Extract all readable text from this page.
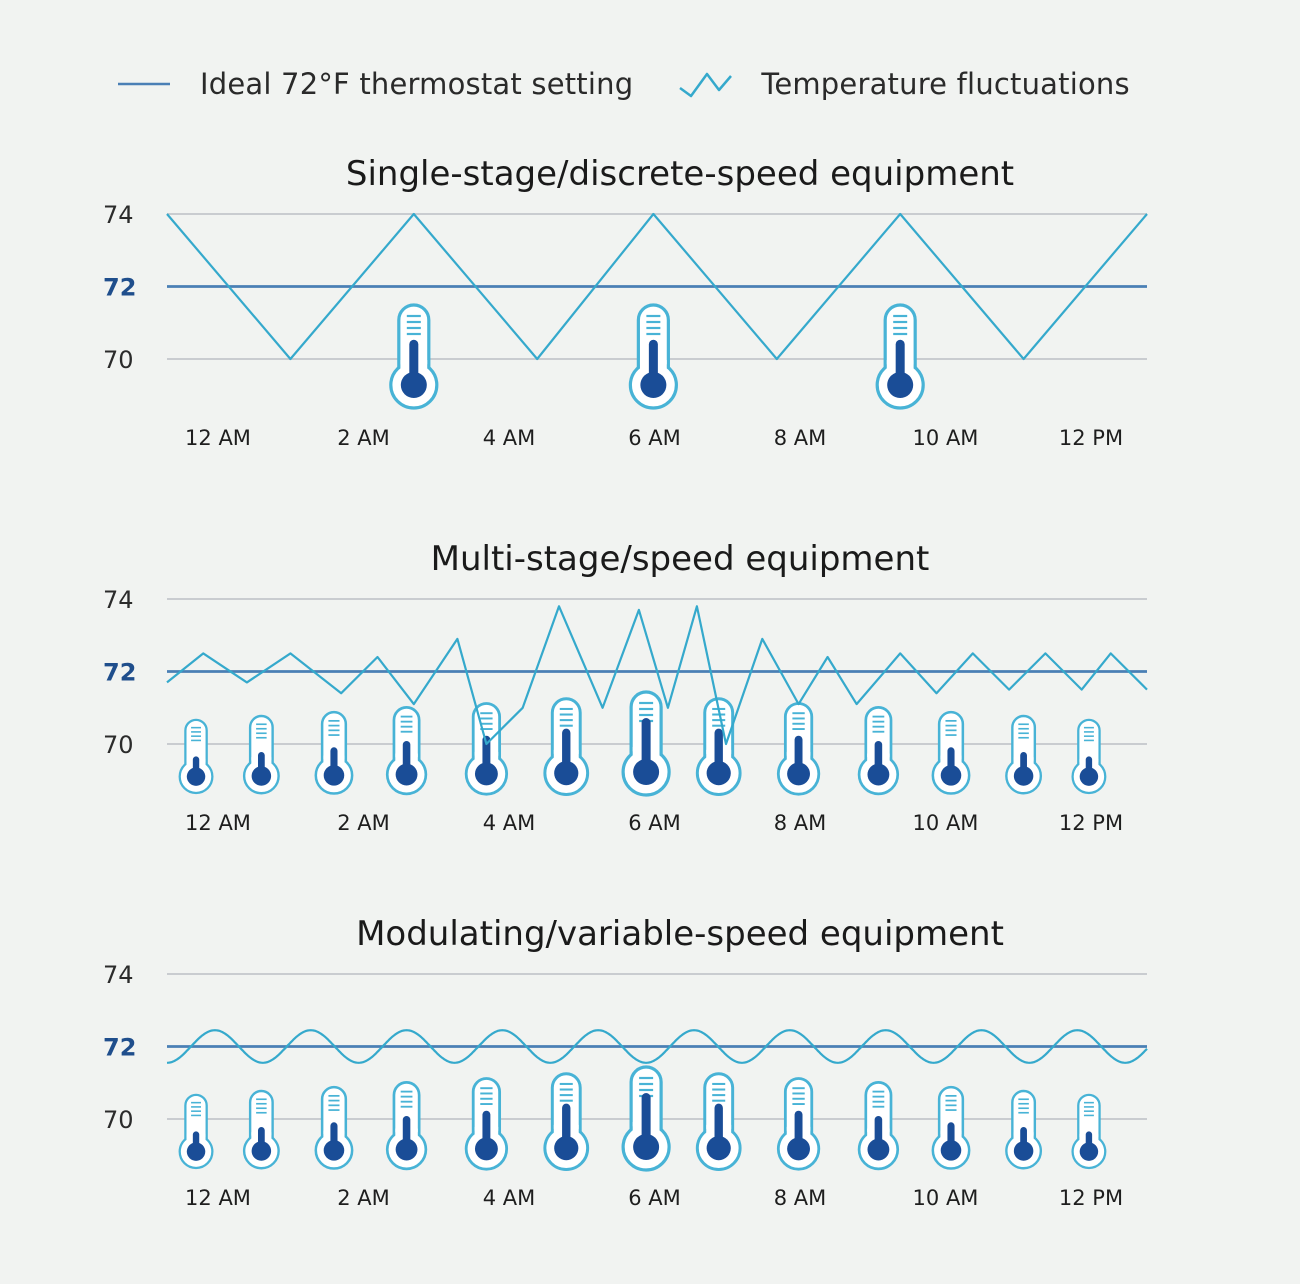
Ideal 72°F thermostat setting	Temperature fluctuations
Single-stage/discrete-speed equipment
74
72
70
12 AM	2 AM	4 AM	6 AM	8 AM	10 AM	12 PM
Multi-stage/speed equipment
74
72
70
12 AM	2 AM	4 AM	6 AM	8 AM	10 AM	12 PM
Modulating/variable-speed equipment
74
72
70
12 AM	2 AM	4 AM	6 AM	8 AM	10 AM	12 PM
